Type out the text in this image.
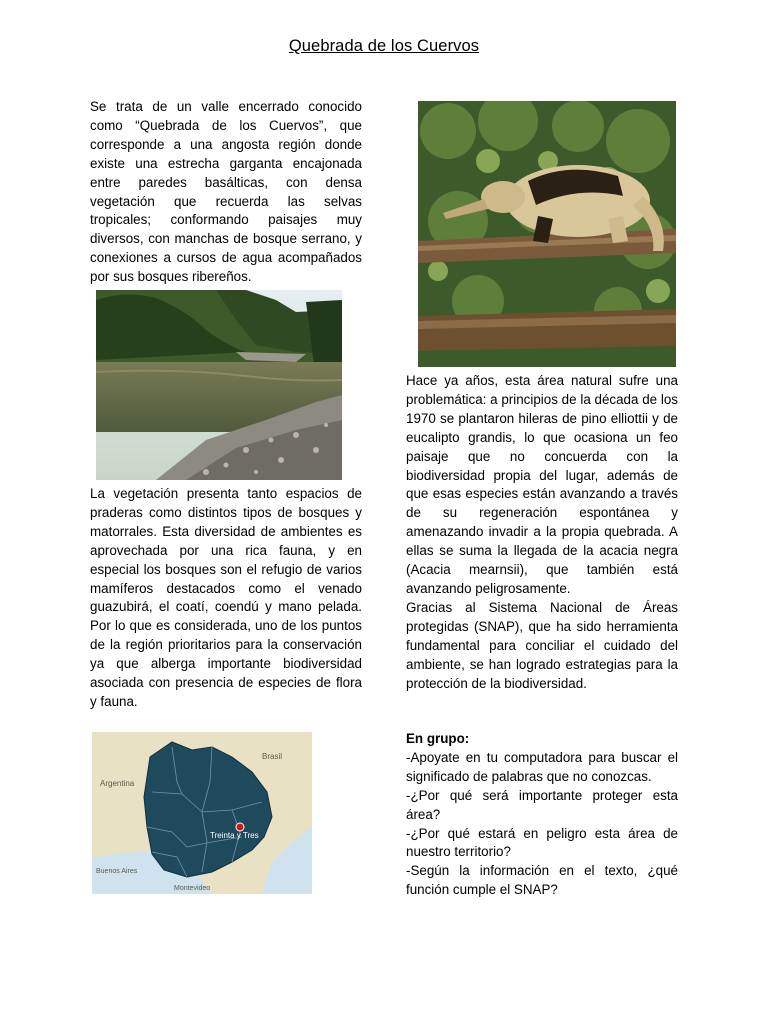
Quebrada de los Cuervos
Se trata de un valle encerrado conocido como “Quebrada de los Cuervos”, que corresponde a una angosta región donde existe una estrecha garganta encajonada entre paredes basálticas, con densa vegetación que recuerda las selvas tropicales; conformando paisajes muy diversos, con manchas de bosque serrano, y conexiones a cursos de agua acompañados por sus bosques ribereños.
La vegetación presenta tanto espacios de praderas como distintos tipos de bosques y matorrales. Esta diversidad de ambientes es aprovechada por una rica fauna, y en especial los bosques son el refugio de varios mamíferos destacados como el venado guazubirá, el coatí, coendú y mano pelada. Por lo que es considerada, uno de los puntos de la región prioritarios para la conservación ya que alberga importante biodiversidad asociada con presencia de especies de flora y fauna.

Hace ya años, esta área natural sufre una problemática: a principios de la década de los 1970 se plantaron hileras de pino elliottii y de eucalipto grandis, lo que ocasiona un feo paisaje que no concuerda con la biodiversidad propia del lugar, además de que esas especies están avanzando a través de su regeneración espontánea y amenazando invadir a la propia quebrada. A ellas se suma la llegada de la acacia negra (Acacia mearnsii), que también está avanzando peligrosamente.

Gracias al Sistema Nacional de Áreas protegidas (SNAP), que ha sido herramienta fundamental para conciliar el cuidado del ambiente, se han logrado estrategias para la protección de la biodiversidad.

En grupo:

-Apoyate en tu computadora para buscar el significado de palabras que no conozcas.

-¿Por qué será importante proteger esta área?

-¿Por qué estará en peligro esta área de nuestro territorio?

-Según la información en el texto, ¿qué función cumple el SNAP?

Brasil
Argentina
Treinta y Tres
Buenos Aires
Montevideo
